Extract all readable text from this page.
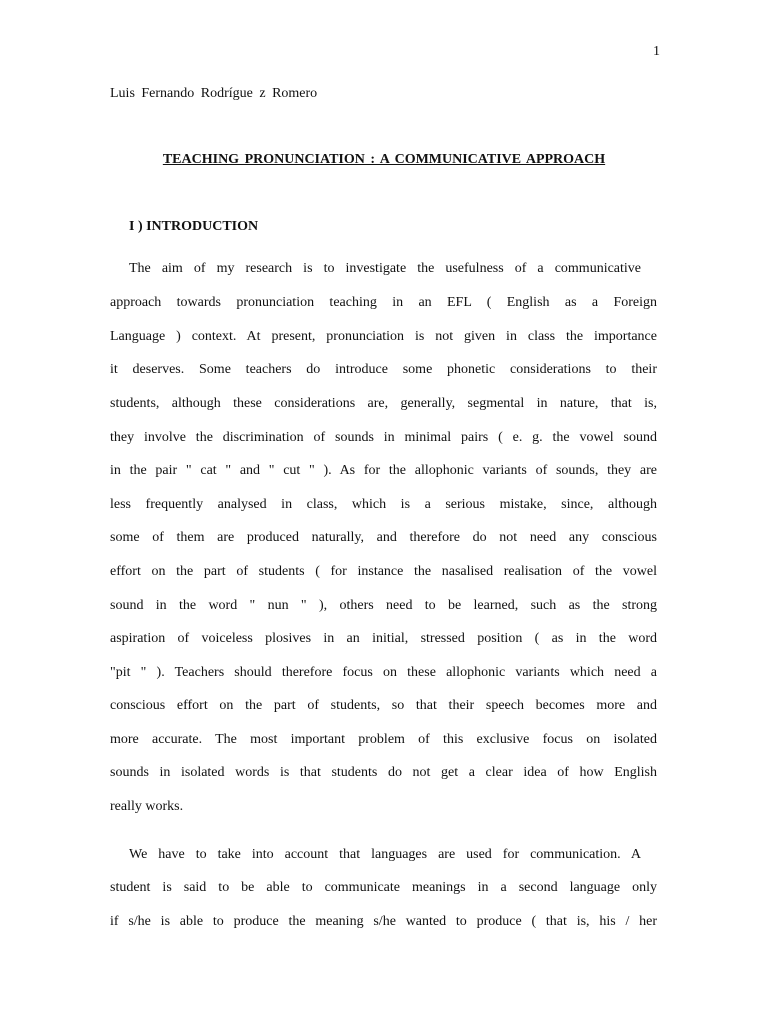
1
Luis Fernando Rodrígue z Romero
TEACHING PRONUNCIATION : A COMMUNICATIVE APPROACH
I ) INTRODUCTION
The aim of my research is to investigate the usefulness of a communicative
approach towards pronunciation teaching in an EFL ( English as a Foreign
Language ) context. At present, pronunciation is not given in class the importance
it deserves. Some teachers do introduce some phonetic considerations to their
students, although these considerations are, generally, segmental in nature, that is,
they involve the discrimination of sounds in minimal pairs ( e. g. the vowel sound
in the pair " cat " and " cut " ). As for the allophonic variants of sounds, they are
less frequently analysed in class, which is a serious mistake, since, although
some of them are produced naturally, and therefore do not need any conscious
effort on the part of students ( for instance the nasalised realisation of the vowel
sound in the word " nun " ), others need to be learned, such as the strong
aspiration of voiceless plosives in an initial, stressed position ( as in the word
"pit " ). Teachers should therefore focus on these allophonic variants which need a
conscious effort on the part of students, so that their speech becomes more and
more accurate. The most important problem of this exclusive focus on isolated
sounds in isolated words is that students do not get a clear idea of how English
really works.
We have to take into account that languages are used for communication. A
student is said to be able to communicate meanings in a second language only
if s/he is able to produce the meaning s/he wanted to produce ( that is, his / her
